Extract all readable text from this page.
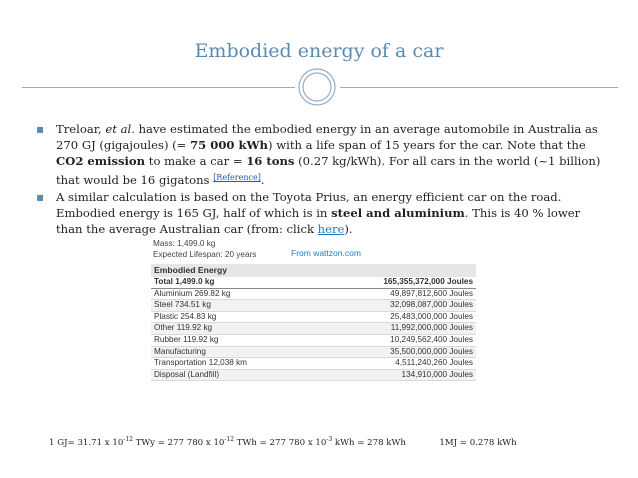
Embodied energy of a car
▪ Treloar, et al. have estimated the embodied energy in an average automobile in Australia as 270 GJ (gigajoules) (= 75 000 kWh) with a life span of 15 years for the car. Note that the CO2 emission to make a car = 16 tons (0.27 kg/kWh). For all cars in the world (~1 billion) that would be 16 gigatons [Reference].
▪ A similar calculation is based on the Toyota Prius, an energy efficient car on the road. Embodied energy is 165 GJ, half of which is in steel and aluminium. This is 40 % lower than the average Australian car (from: click here).
Mass: 1,499.0 kg
Expected Lifespan: 20 years	From wattzon.com
Embodied Energy
Total 1,499.0 kg	165,355,372,000 Joules
Aluminium 269.82 kg	49,897,812,600 Joules
Steel 734.51 kg	32,098,087,000 Joules
Plastic 254.83 kg	25,483,000,000 Joules
Other 119.92 kg	11,992,000,000 Joules
Rubber 119.92 kg	10,249,562,400 Joules
Manufacturing	35,500,000,000 Joules
Transportation 12,038 km	4,511,240,260 Joules
Disposal (Landfill)	134,910,000 Joules
1 GJ= 31.71 x $10^{-12}$ TWy = 277 780 x $10^{-12}$ TWh = 277 780 x $10^{-3}$ kWh = 278 kWh	1MJ = 0.278 kWh
